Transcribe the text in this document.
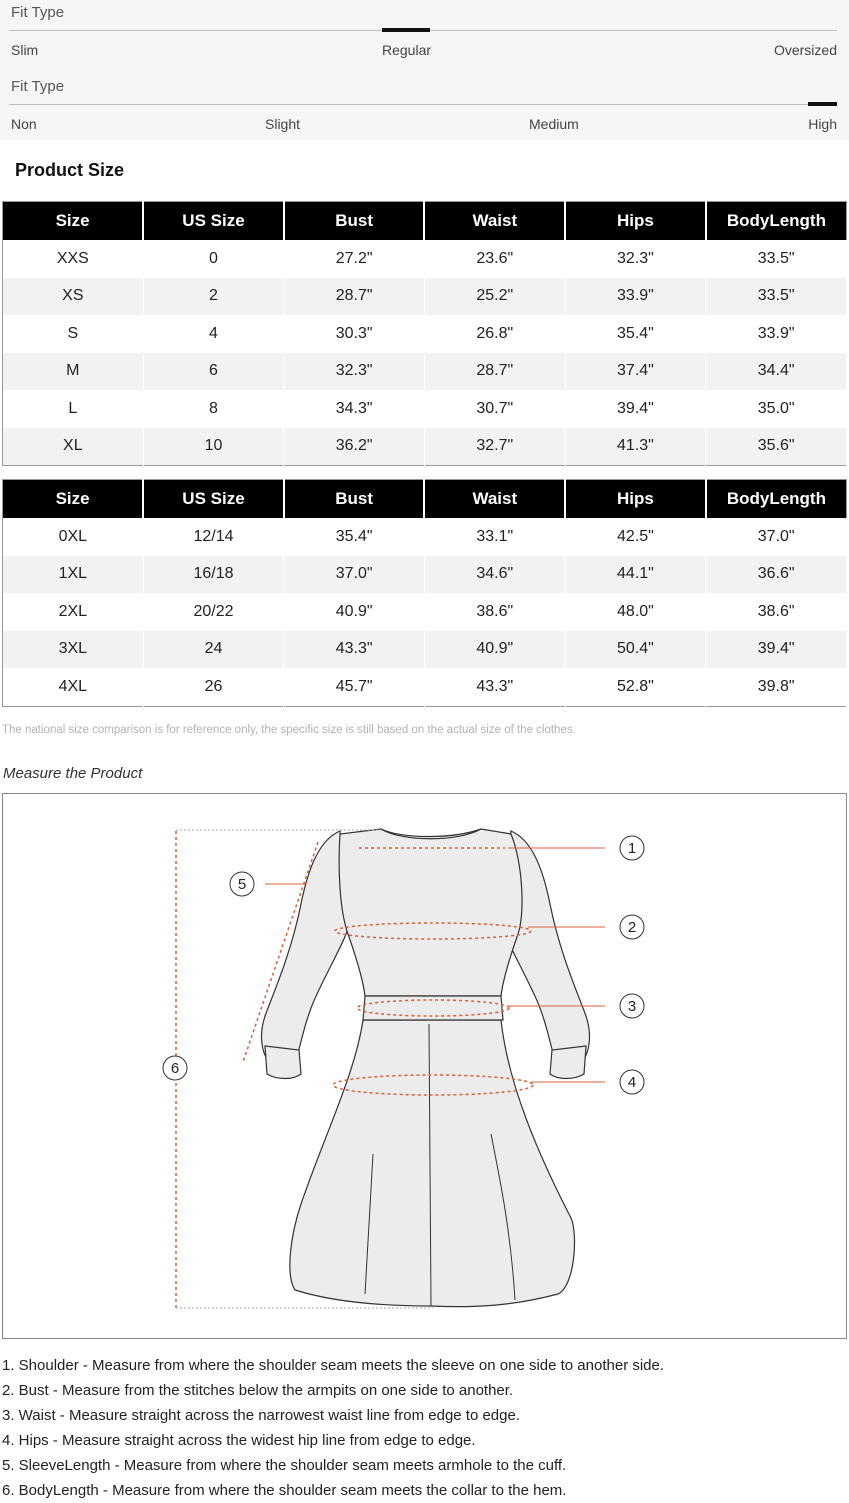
Fit Type
Slim	Regular	Oversized
Fit Type
Non	Slight	Medium	High
Product Size
Size	US Size	Bust	Waist	Hips	BodyLength
XXS	0	27.2"	23.6"	32.3"	33.5"
XS	2	28.7"	25.2"	33.9"	33.5"
S	4	30.3"	26.8"	35.4"	33.9"
M	6	32.3"	28.7"	37.4"	34.4"
L	8	34.3"	30.7"	39.4"	35.0"
XL	10	36.2"	32.7"	41.3"	35.6"
Size	US Size	Bust	Waist	Hips	BodyLength
0XL	12/14	35.4"	33.1"	42.5"	37.0"
1XL	16/18	37.0"	34.6"	44.1"	36.6"
2XL	20/22	40.9"	38.6"	48.0"	38.6"
3XL	24	43.3"	40.9"	50.4"	39.4"
4XL	26	45.7"	43.3"	52.8"	39.8"
The national size comparison is for reference only, the specific size is still based on the actual size of the clothes.
Measure the Product
1
2
3
4
5
6
1. Shoulder - Measure from where the shoulder seam meets the sleeve on one side to another side.
2. Bust - Measure from the stitches below the armpits on one side to another.
3. Waist - Measure straight across the narrowest waist line from edge to edge.
4. Hips - Measure straight across the widest hip line from edge to edge.
5. SleeveLength - Measure from where the shoulder seam meets armhole to the cuff.
6. BodyLength - Measure from where the shoulder seam meets the collar to the hem.
